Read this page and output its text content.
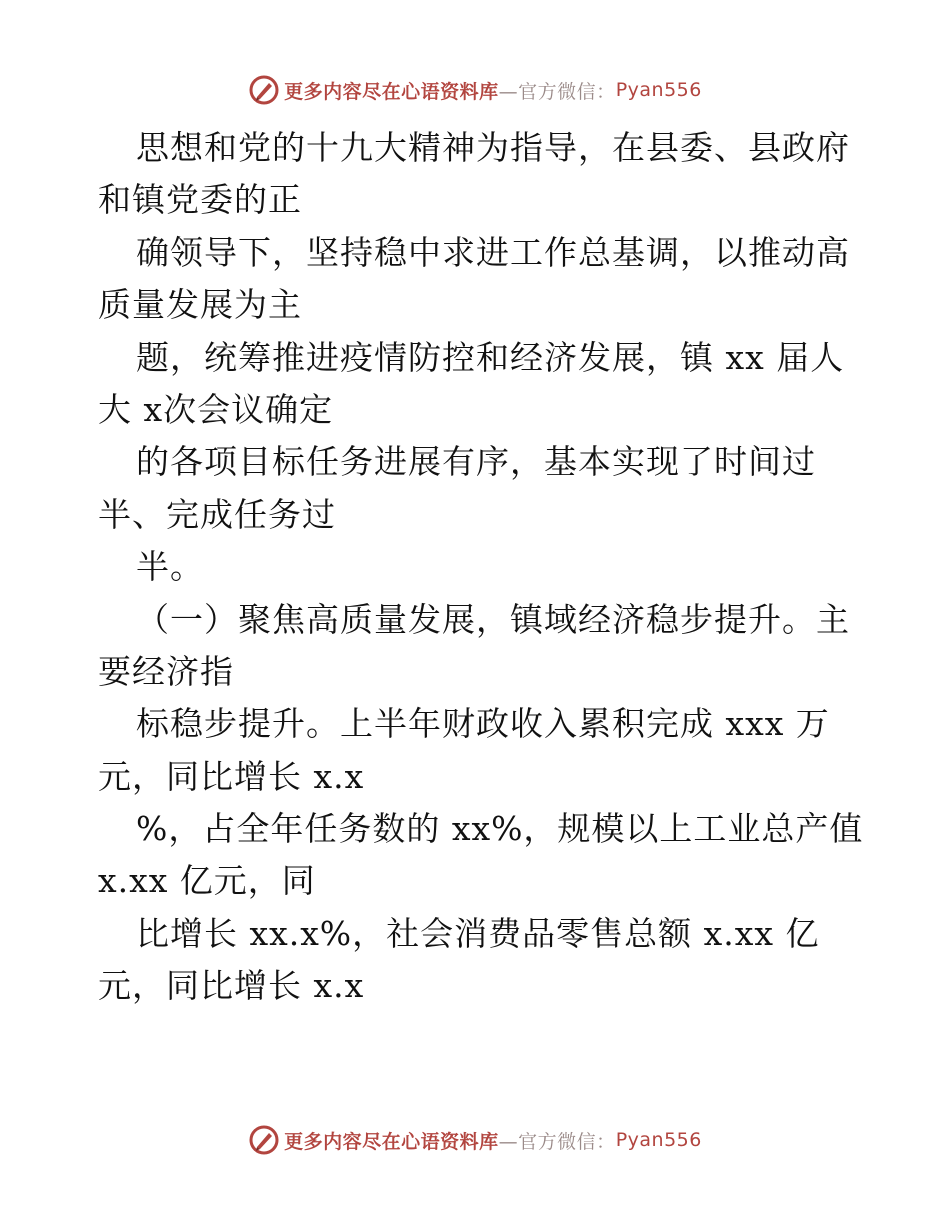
更多内容尽在心语资料库 —官方微信： Pyan556
思想和党的十九大精神为指导，在县委、县政府
和镇党委的正
确领导下，坚持稳中求进工作总基调，以推动高
质量发展为主
题，统筹推进疫情防控和经济发展，镇 xx 届人
大 x次会议确定
的各项目标任务进展有序，基本实现了时间过
半、完成任务过
半。
（一）聚焦高质量发展，镇域经济稳步提升。主
要经济指
标稳步提升。上半年财政收入累积完成 xxx 万
元，同比增长 x.x
%，占全年任务数的 xx%，规模以上工业总产值
x.xx 亿元，同
比增长 xx.x%，社会消费品零售总额 x.xx 亿
元，同比增长 x.x
更多内容尽在心语资料库 —官方微信： Pyan556
